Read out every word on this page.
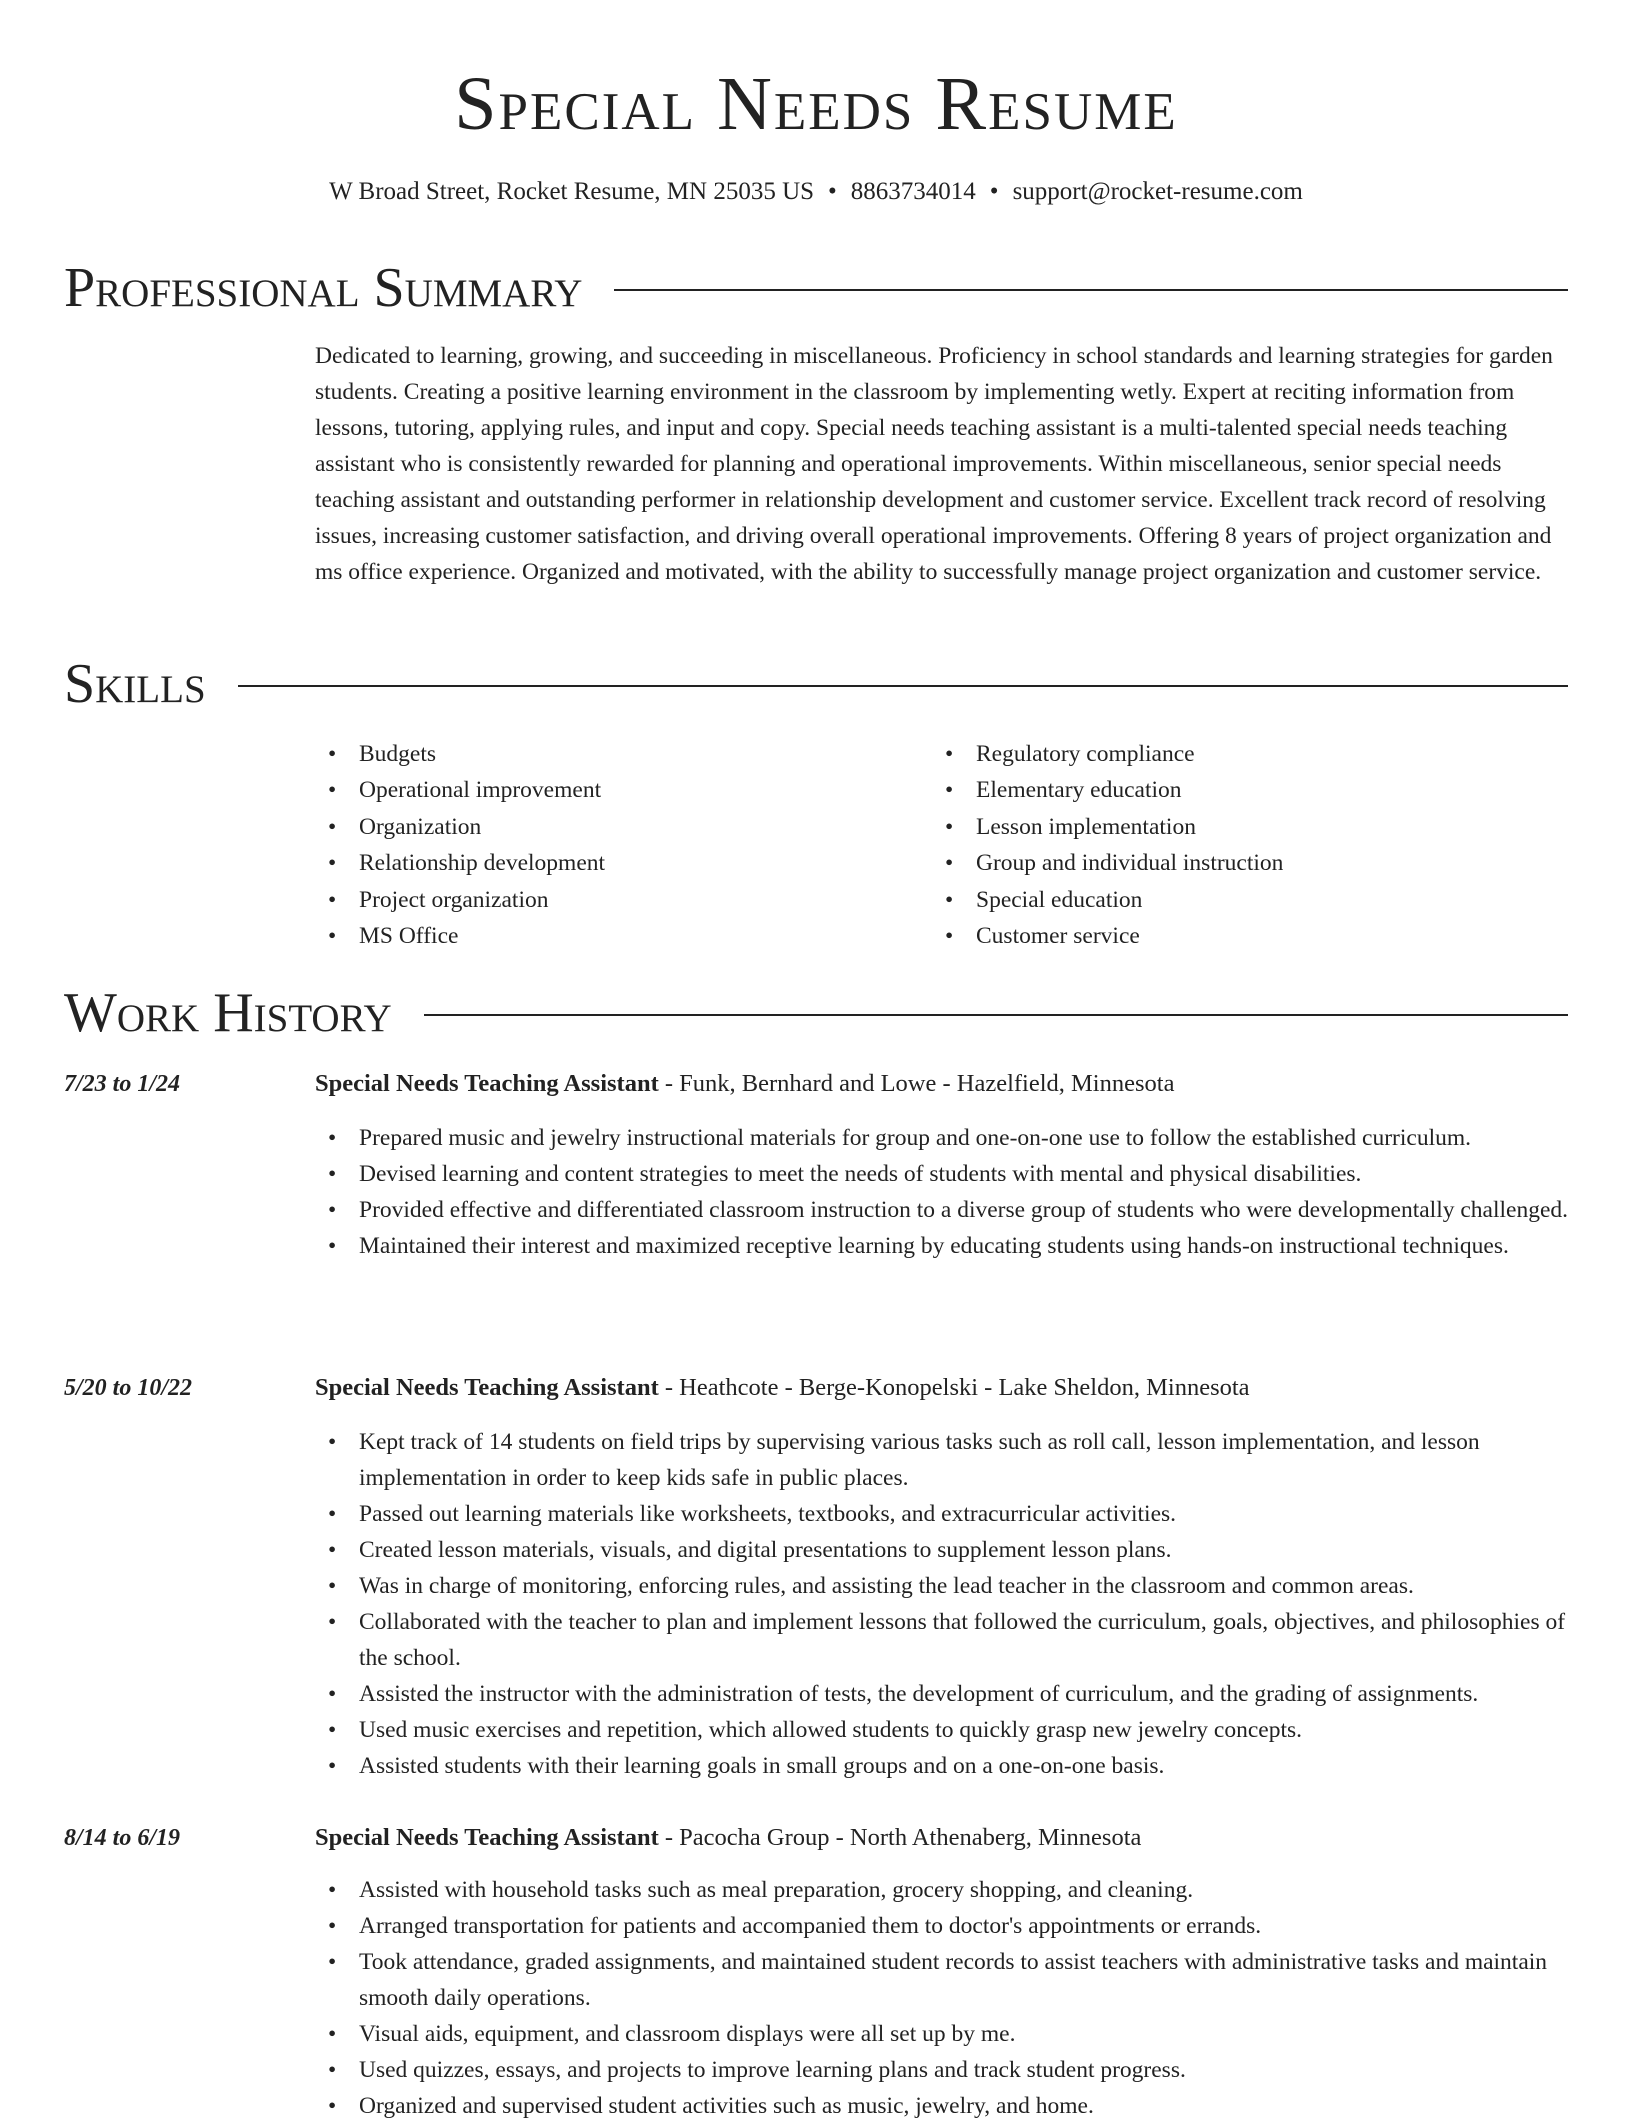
Special Needs Resume
W Broad Street, Rocket Resume, MN 25035 US • 8863734014 • support@rocket-resume.com
Professional Summary

Dedicated to learning, growing, and succeeding in miscellaneous. Proficiency in school standards and learning strategies for garden students. Creating a positive learning environment in the classroom by implementing wetly. Expert at reciting information from lessons, tutoring, applying rules, and input and copy. Special needs teaching assistant is a multi-talented special needs teaching assistant who is consistently rewarded for planning and operational improvements. Within miscellaneous, senior special needs teaching assistant and outstanding performer in relationship development and customer service. Excellent track record of resolving issues, increasing customer satisfaction, and driving overall operational improvements. Offering 8 years of project organization and ms office experience. Organized and motivated, with the ability to successfully manage project organization and customer service.

Skills
• Budgets
• Operational improvement
• Organization
• Relationship development
• Project organization
• MS Office
• Regulatory compliance
• Elementary education
• Lesson implementation
• Group and individual instruction
• Special education
• Customer service
Work History
7/23 to 1/24	Special Needs Teaching Assistant - Funk, Bernhard and Lowe - Hazelfield, Minnesota
• Prepared music and jewelry instructional materials for group and one-on-one use to follow the established curriculum.
• Devised learning and content strategies to meet the needs of students with mental and physical disabilities.
• Provided effective and differentiated classroom instruction to a diverse group of students who were developmentally challenged.
• Maintained their interest and maximized receptive learning by educating students using hands-on instructional techniques.
5/20 to 10/22	Special Needs Teaching Assistant - Heathcote - Berge-Konopelski - Lake Sheldon, Minnesota
• Kept track of 14 students on field trips by supervising various tasks such as roll call, lesson implementation, and lesson implementation in order to keep kids safe in public places.
• Passed out learning materials like worksheets, textbooks, and extracurricular activities.
• Created lesson materials, visuals, and digital presentations to supplement lesson plans.
• Was in charge of monitoring, enforcing rules, and assisting the lead teacher in the classroom and common areas.
• Collaborated with the teacher to plan and implement lessons that followed the curriculum, goals, objectives, and philosophies of the school.
• Assisted the instructor with the administration of tests, the development of curriculum, and the grading of assignments.
• Used music exercises and repetition, which allowed students to quickly grasp new jewelry concepts.
• Assisted students with their learning goals in small groups and on a one-on-one basis.
8/14 to 6/19	Special Needs Teaching Assistant - Pacocha Group - North Athenaberg, Minnesota
• Assisted with household tasks such as meal preparation, grocery shopping, and cleaning.
• Arranged transportation for patients and accompanied them to doctor's appointments or errands.
• Took attendance, graded assignments, and maintained student records to assist teachers with administrative tasks and maintain smooth daily operations.
• Visual aids, equipment, and classroom displays were all set up by me.
• Used quizzes, essays, and projects to improve learning plans and track student progress.
• Organized and supervised student activities such as music, jewelry, and home.
